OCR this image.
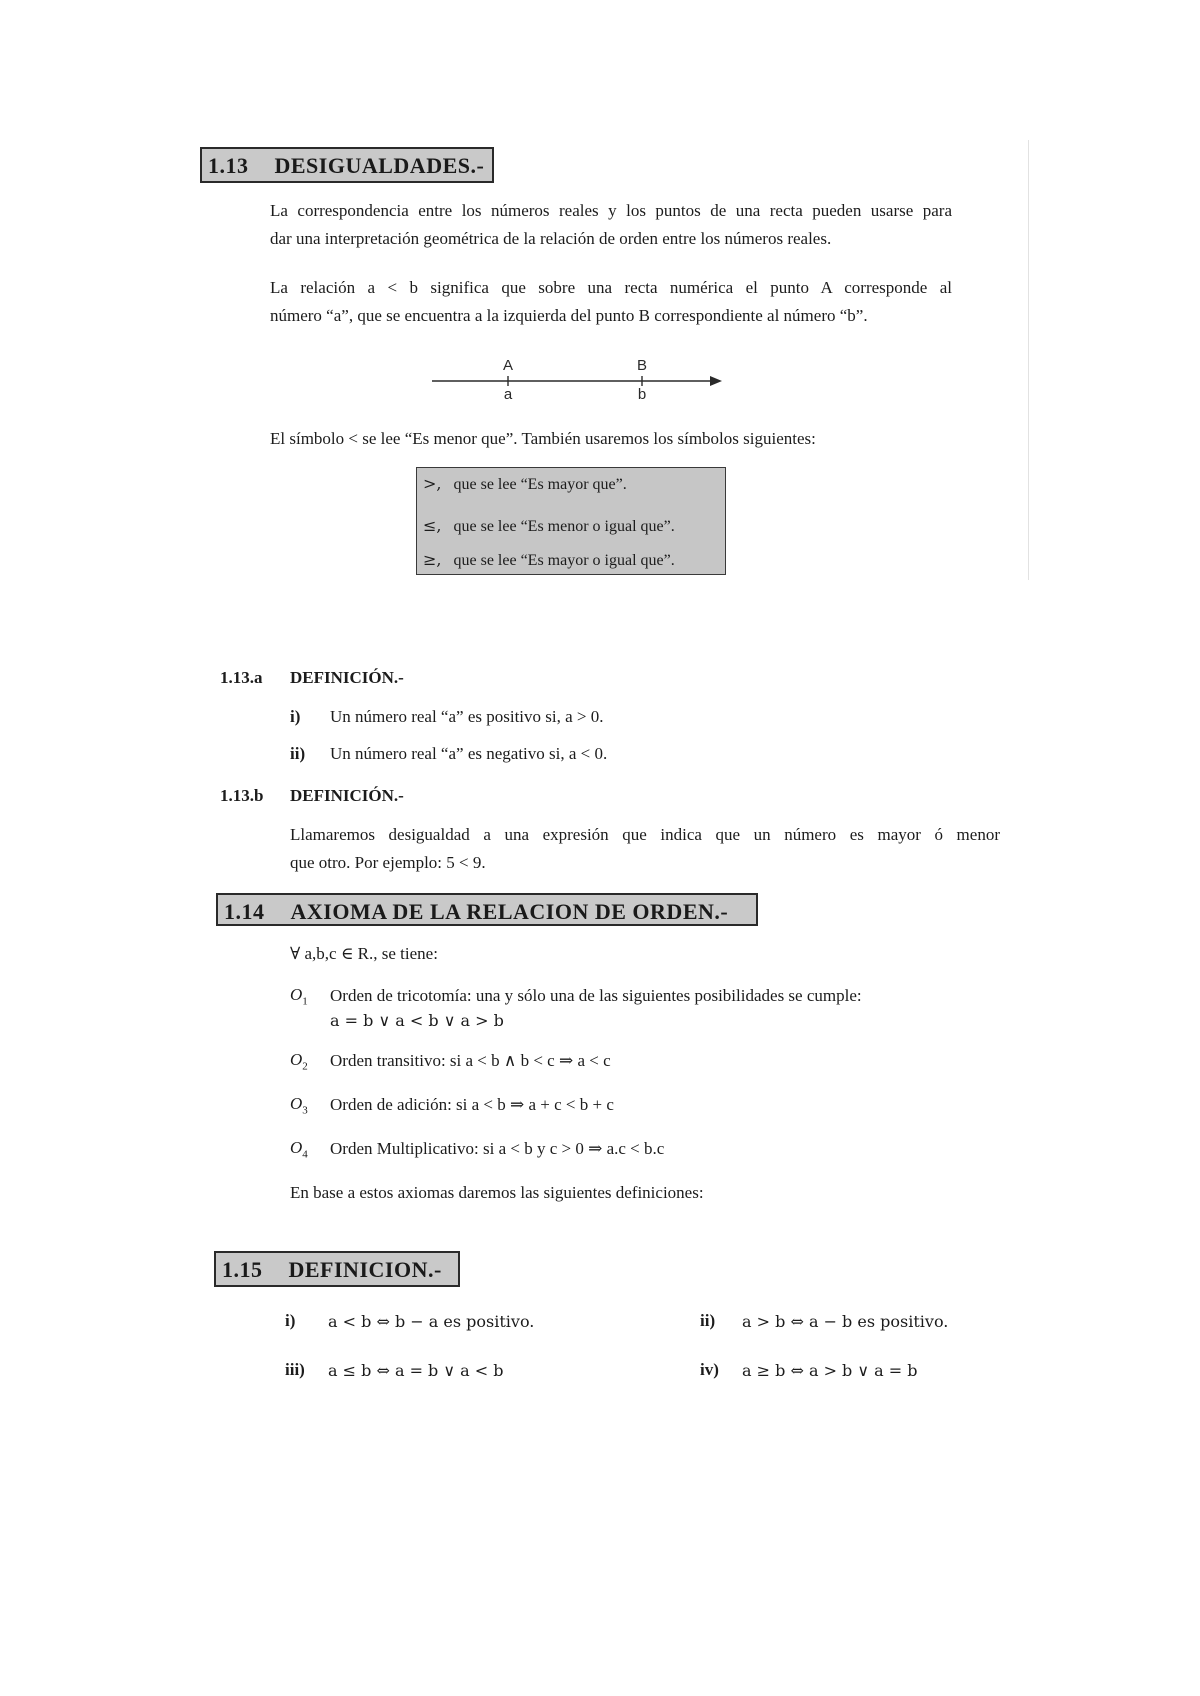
1.13 DESIGUALDADES.-
La correspondencia entre los números reales y los puntos de una recta pueden usarse para
dar una interpretación geométrica de la relación de orden entre los números reales.
La relación a < b significa que sobre una recta numérica el punto A corresponde al
número “a”, que se encuentra a la izquierda del punto B correspondiente al número “b”.
A
a
B
b
El símbolo < se lee “Es menor que”. También usaremos los símbolos siguientes:
>, que se lee “Es mayor que”.
≤, que se lee “Es menor o igual que”.
≥, que se lee “Es mayor o igual que”.
1.13.a DEFINICIÓN.-
i) Un número real “a” es positivo si, a > 0.
ii) Un número real “a” es negativo si, a < 0.
1.13.b DEFINICIÓN.-
Llamaremos desigualdad a una expresión que indica que un número es mayor ó menor
que otro. Por ejemplo: 5 < 9.
1.14 AXIOMA DE LA RELACION DE ORDEN.-
∀ a,b,c ∈ R., se tiene:
$O_1$ Orden de tricotomía: una y sólo una de las siguientes posibilidades se cumple:
a = b ∨ a < b ∨ a > b
$O_2$ Orden transitivo: si a < b ∧ b < c ⇒ a < c
$O_3$ Orden de adición: si a < b ⇒ a + c < b + c
$O_4$ Orden Multiplicativo: si a < b y c > 0 ⇒ a.c < b.c
En base a estos axiomas daremos las siguientes definiciones:
1.15 DEFINICION.-
i) a < b ⇔ b − a es positivo.	ii) a > b ⇔ a − b es positivo.
iii) a ≤ b ⇔ a = b ∨ a < b	iv) a ≥ b ⇔ a > b ∨ a = b
